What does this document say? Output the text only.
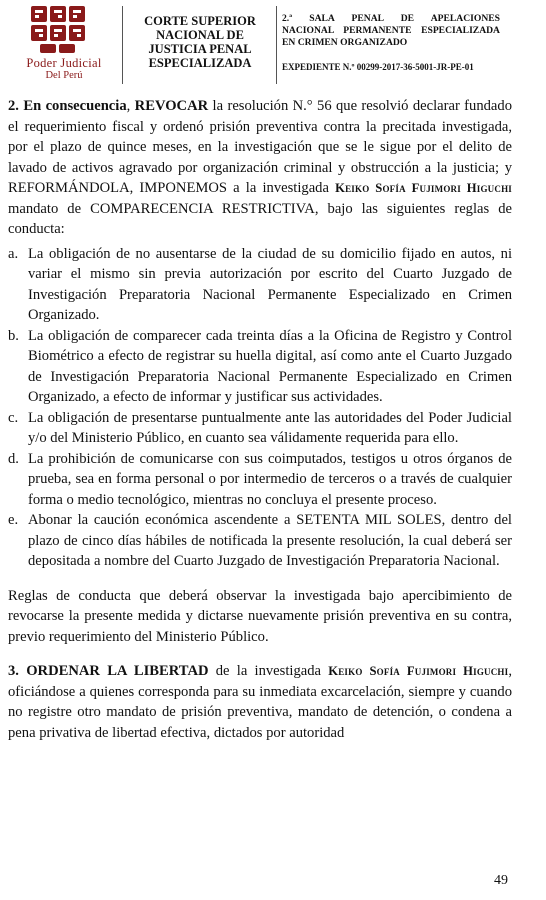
Poder Judicial
Del Perú
CORTE SUPERIOR
NACIONAL DE
JUSTICIA PENAL
ESPECIALIZADA
2.ª SALA PENAL DE APELACIONES
NACIONAL PERMANENTE ESPECIALIZADA
EN CRIMEN ORGANIZADO
EXPEDIENTE N.º 00299-2017-36-5001-JR-PE-01

2. En consecuencia, REVOCAR la resolución N.° 56 que resolvió declarar fundado el requerimiento fiscal y ordenó prisión preventiva contra la precitada investigada, por el plazo de quince meses, en la investigación que se le sigue por el delito de lavado de activos agravado por organización criminal y obstrucción a la justicia; y REFORMÁNDOLA, IMPONEMOS a la investigada Keiko Sofía Fujimori Higuchi mandato de COMPARECENCIA RESTRICTIVA, bajo las siguientes reglas de conducta:

a. La obligación de no ausentarse de la ciudad de su domicilio fijado en autos, ni variar el mismo sin previa autorización por escrito del Cuarto Juzgado de Investigación Preparatoria Nacional Permanente Especializado en Crimen Organizado.
b. La obligación de comparecer cada treinta días a la Oficina de Registro y Control Biométrico a efecto de registrar su huella digital, así como ante el Cuarto Juzgado de Investigación Preparatoria Nacional Permanente Especializado en Crimen Organizado, a efecto de informar y justificar sus actividades.
c. La obligación de presentarse puntualmente ante las autoridades del Poder Judicial y/o del Ministerio Público, en cuanto sea válidamente requerida para ello.
d. La prohibición de comunicarse con sus coimputados, testigos u otros órganos de prueba, sea en forma personal o por intermedio de terceros o a través de cualquier forma o medio tecnológico, mientras no concluya el presente proceso.
e. Abonar la caución económica ascendente a SETENTA MIL SOLES, dentro del plazo de cinco días hábiles de notificada la presente resolución, la cual deberá ser depositada a nombre del Cuarto Juzgado de Investigación Preparatoria Nacional.

Reglas de conducta que deberá observar la investigada bajo apercibimiento de revocarse la presente medida y dictarse nuevamente prisión preventiva en su contra, previo requerimiento del Ministerio Público.

3. ORDENAR LA LIBERTAD de la investigada Keiko Sofía Fujimori Higuchi, oficiándose a quienes corresponda para su inmediata excarcelación, siempre y cuando no registre otro mandato de prisión preventiva, mandato de detención, o condena a pena privativa de libertad efectiva, dictados por autoridad

49
